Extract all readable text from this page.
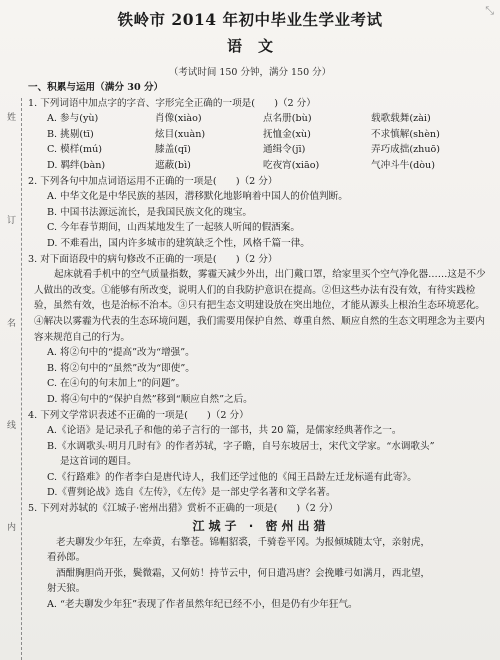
⤡
姓
订
名
线
内
铁岭市 2014 年初中毕业生学业考试
语文
（考试时间 150 分钟，满分 150 分）
一、积累与运用（满分 30 分）
1. 下列词语中加点字的字音、字形完全正确的一项是(　　)（2 分）
A. 参与(yù)	肖像(xiào)	点名册(bù)	载歌载舞(zài)
B. 挑剔(tī)	炫目(xuàn)	抚恤金(xù)	不求慎解(shèn)
C. 模样(mú)	膝盖(qī)	通缉令(jī)	弄巧成拙(zhuō)
D. 羁绊(bàn)	遮蔽(bì)	吃夜宵(xiāo)	气冲斗牛(dòu)
2. 下列各句中加点词语运用不正确的一项是(　　)（2 分）
A. 中华文化是中华民族的基因，潜移默化地影响着中国人的价值判断。
B. 中国书法源远流长，是我国民族文化的瑰宝。
C. 今年春节期间，山西某地发生了一起骇人听闻的假酒案。
D. 不难看出，国内许多城市的建筑缺乏个性，风格千篇一律。
3. 对下面语段中的病句修改不正确的一项是(　　)（2 分）
起床就看手机中的空气质量指数，雾霾天减少外出，出门戴口罩，给家里买个空气净化器……这是不少人做出的改变。①能够有所改变，说明人们的自我防护意识在提高。②但这些办法有没有效，有待实践检验，虽然有效，也是治标不治本。③只有把生态文明建设放在突出地位，才能从源头上根治生态环境恶化。④解决以雾霾为代表的生态环境问题，我们需要用保护自然、尊重自然、顺应自然的生态文明理念为主要内容来规范自己的行为。
A. 将②句中的“提高”改为“增强”。
B. 将②句中的“虽然”改为“即使”。
C. 在④句的句末加上“的问题”。
D. 将④句中的“保护自然”移到“顺应自然”之后。
4. 下列文学常识表述不正确的一项是(　　)（2 分）
A.《论语》是记录孔子和他的弟子言行的一部书，共 20 篇，是儒家经典著作之一。
B.《水调歌头·明月几时有》的作者苏轼，字子瞻，自号东坡居士，宋代文学家。“水调歌头”
是这首词的题目。
C.《行路难》的作者李白是唐代诗人，我们还学过他的《闻王昌龄左迁龙标遥有此寄》。
D.《曹刿论战》选自《左传》，《左传》是一部史学名著和文学名著。
5. 下列对苏轼的《江城子·密州出猎》赏析不正确的一项是(　　)（2 分）
江城子 · 密州出猎
老夫聊发少年狂，左牵黄，右擎苍。锦帽貂裘，千骑卷平冈。为报倾城随太守，亲射虎，
看孙郎。
酒酣胸胆尚开张，鬓微霜，又何妨！持节云中，何日遣冯唐？会挽雕弓如满月，西北望，
射天狼。
A. “老夫聊发少年狂”表现了作者虽然年纪已经不小，但是仍有少年狂气。
